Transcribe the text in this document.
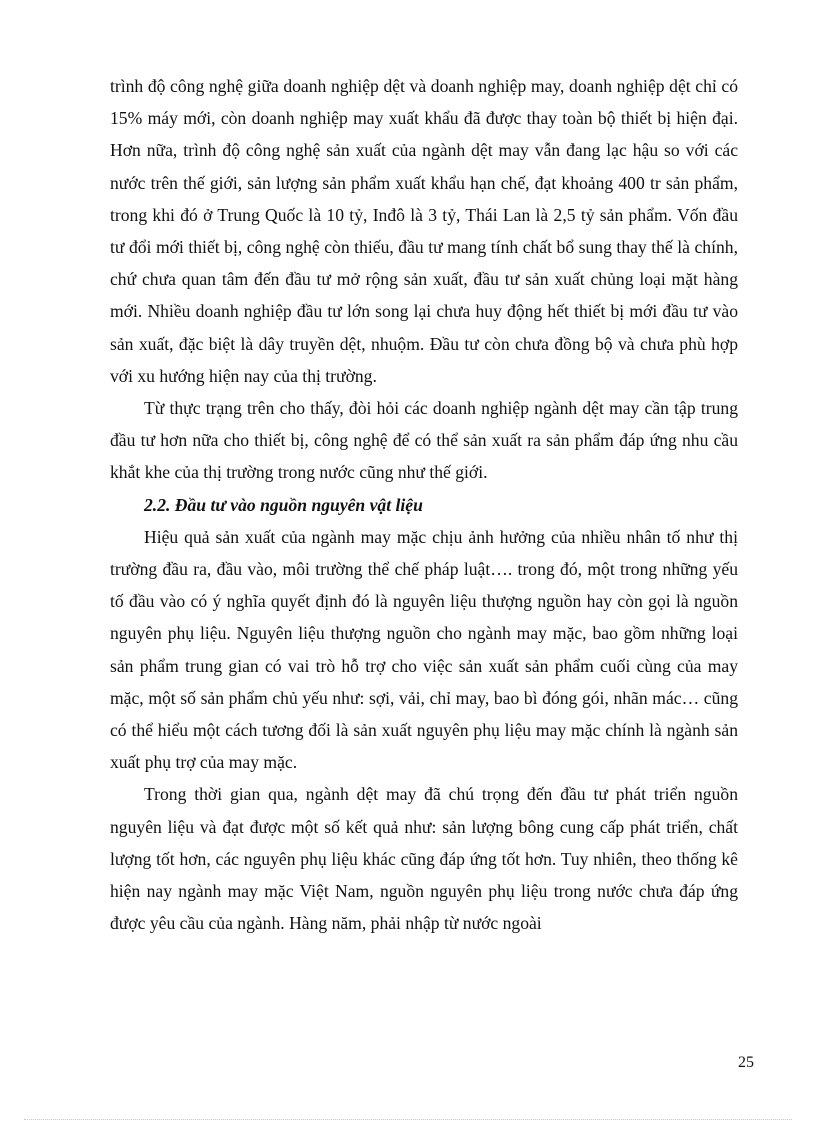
trình độ công nghệ giữa doanh nghiệp dệt và doanh nghiệp may, doanh nghiệp dệt chỉ có 15% máy mới, còn doanh nghiệp may xuất khẩu đã được thay toàn bộ thiết bị hiện đại. Hơn nữa, trình độ công nghệ sản xuất của ngành dệt may vẫn đang lạc hậu so với các nước trên thế giới, sản lượng sản phẩm xuất khẩu hạn chế, đạt khoảng 400 tr sản phẩm, trong khi đó ở Trung Quốc là 10 tỷ, Inđô là 3 tỷ, Thái Lan là 2,5 tỷ sản phẩm. Vốn đầu tư đổi mới thiết bị, công nghệ còn thiếu, đầu tư mang tính chất bổ sung thay thế là chính, chứ chưa quan tâm đến đầu tư mở rộng sản xuất, đầu tư sản xuất chủng loại mặt hàng mới. Nhiều doanh nghiệp đầu tư lớn song lại chưa huy động hết thiết bị mới đầu tư vào sản xuất, đặc biệt là dây truyền dệt, nhuộm. Đầu tư còn chưa đồng bộ và chưa phù hợp với xu hướng hiện nay của thị trường.

Từ thực trạng trên cho thấy, đòi hỏi các doanh nghiệp ngành dệt may cần tập trung đầu tư hơn nữa cho thiết bị, công nghệ để có thể sản xuất ra sản phẩm đáp ứng nhu cầu khắt khe của thị trường trong nước cũng như thế giới.

2.2. Đầu tư vào nguồn nguyên vật liệu

Hiệu quả sản xuất của ngành may mặc chịu ảnh hưởng của nhiều nhân tố như thị trường đầu ra, đầu vào, môi trường thể chế pháp luật…. trong đó, một trong những yếu tố đầu vào có ý nghĩa quyết định đó là nguyên liệu thượng nguồn hay còn gọi là nguồn nguyên phụ liệu. Nguyên liệu thượng nguồn cho ngành may mặc, bao gồm những loại sản phẩm trung gian có vai trò hỗ trợ cho việc sản xuất sản phẩm cuối cùng của may mặc, một số sản phẩm chủ yếu như: sợi, vải, chỉ may, bao bì đóng gói, nhãn mác… cũng có thể hiểu một cách tương đối là sản xuất nguyên phụ liệu may mặc chính là ngành sản xuất phụ trợ của may mặc.

Trong thời gian qua, ngành dệt may đã chú trọng đến đầu tư phát triển nguồn nguyên liệu và đạt được một số kết quả như: sản lượng bông cung cấp phát triển, chất lượng tốt hơn, các nguyên phụ liệu khác cũng đáp ứng tốt hơn. Tuy nhiên, theo thống kê hiện nay ngành may mặc Việt Nam, nguồn nguyên phụ liệu trong nước chưa đáp ứng được yêu cầu của ngành. Hàng năm, phải nhập từ nước ngoài

25
